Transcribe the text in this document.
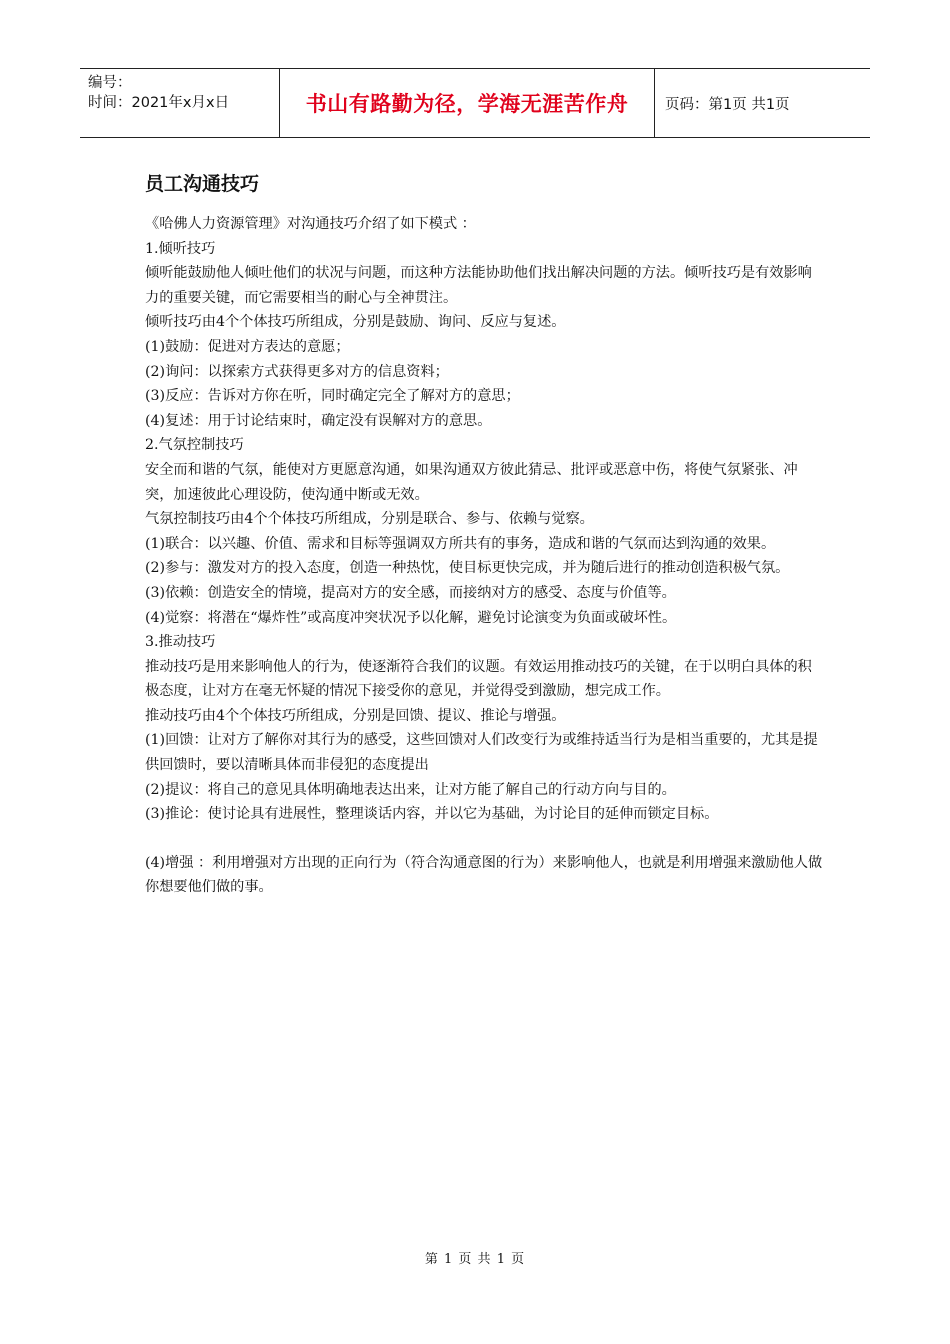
编号：
时间：2021年x月x日	书山有路勤为径，学海无涯苦作舟	页码：第1页 共1页
员工沟通技巧

《哈佛人力资源管理》对沟通技巧介绍了如下模式 ：

1.倾听技巧

倾听能鼓励他人倾吐他们的状况与问题，而这种方法能协助他们找出解决问题的方法。倾听技巧是有效影响力的重要关键，而它需要相当的耐心与全神贯注。

倾听技巧由4个个体技巧所组成，分别是鼓励、询问、反应与复述。

(1)鼓励：促进对方表达的意愿；

(2)询问：以探索方式获得更多对方的信息资料；

(3)反应：告诉对方你在听，同时确定完全了解对方的意思；

(4)复述：用于讨论结束时，确定没有误解对方的意思。

2.气氛控制技巧

安全而和谐的气氛，能使对方更愿意沟通，如果沟通双方彼此猜忌、批评或恶意中伤，将使气氛紧张、冲突，加速彼此心理设防，使沟通中断或无效。

气氛控制技巧由4个个体技巧所组成，分别是联合、参与、依赖与觉察。

(1)联合：以兴趣、价值、需求和目标等强调双方所共有的事务，造成和谐的气氛而达到沟通的效果。

(2)参与：激发对方的投入态度，创造一种热忱，使目标更快完成，并为随后进行的推动创造积极气氛。

(3)依赖：创造安全的情境，提高对方的安全感，而接纳对方的感受、态度与价值等。

(4)觉察：将潜在“爆炸性”或高度冲突状况予以化解，避免讨论演变为负面或破坏性。

3.推动技巧

推动技巧是用来影响他人的行为，使逐渐符合我们的议题。有效运用推动技巧的关键，在于以明白具体的积极态度，让对方在毫无怀疑的情况下接受你的意见，并觉得受到激励，想完成工作。

推动技巧由4个个体技巧所组成，分别是回馈、提议、推论与增强。

(1)回馈：让对方了解你对其行为的感受，这些回馈对人们改变行为或维持适当行为是相当重要的，尤其是提供回馈时，要以清晰具体而非侵犯的态度提出

(2)提议：将自己的意见具体明确地表达出来，让对方能了解自己的行动方向与目的。

(3)推论：使讨论具有进展性，整理谈话内容，并以它为基础，为讨论目的延伸而锁定目标。

(4)增强 ：利用增强对方出现的正向行为（符合沟通意图的行为）来影响他人，也就是利用增强来激励他人做你想要他们做的事。

第 1 页 共 1 页
